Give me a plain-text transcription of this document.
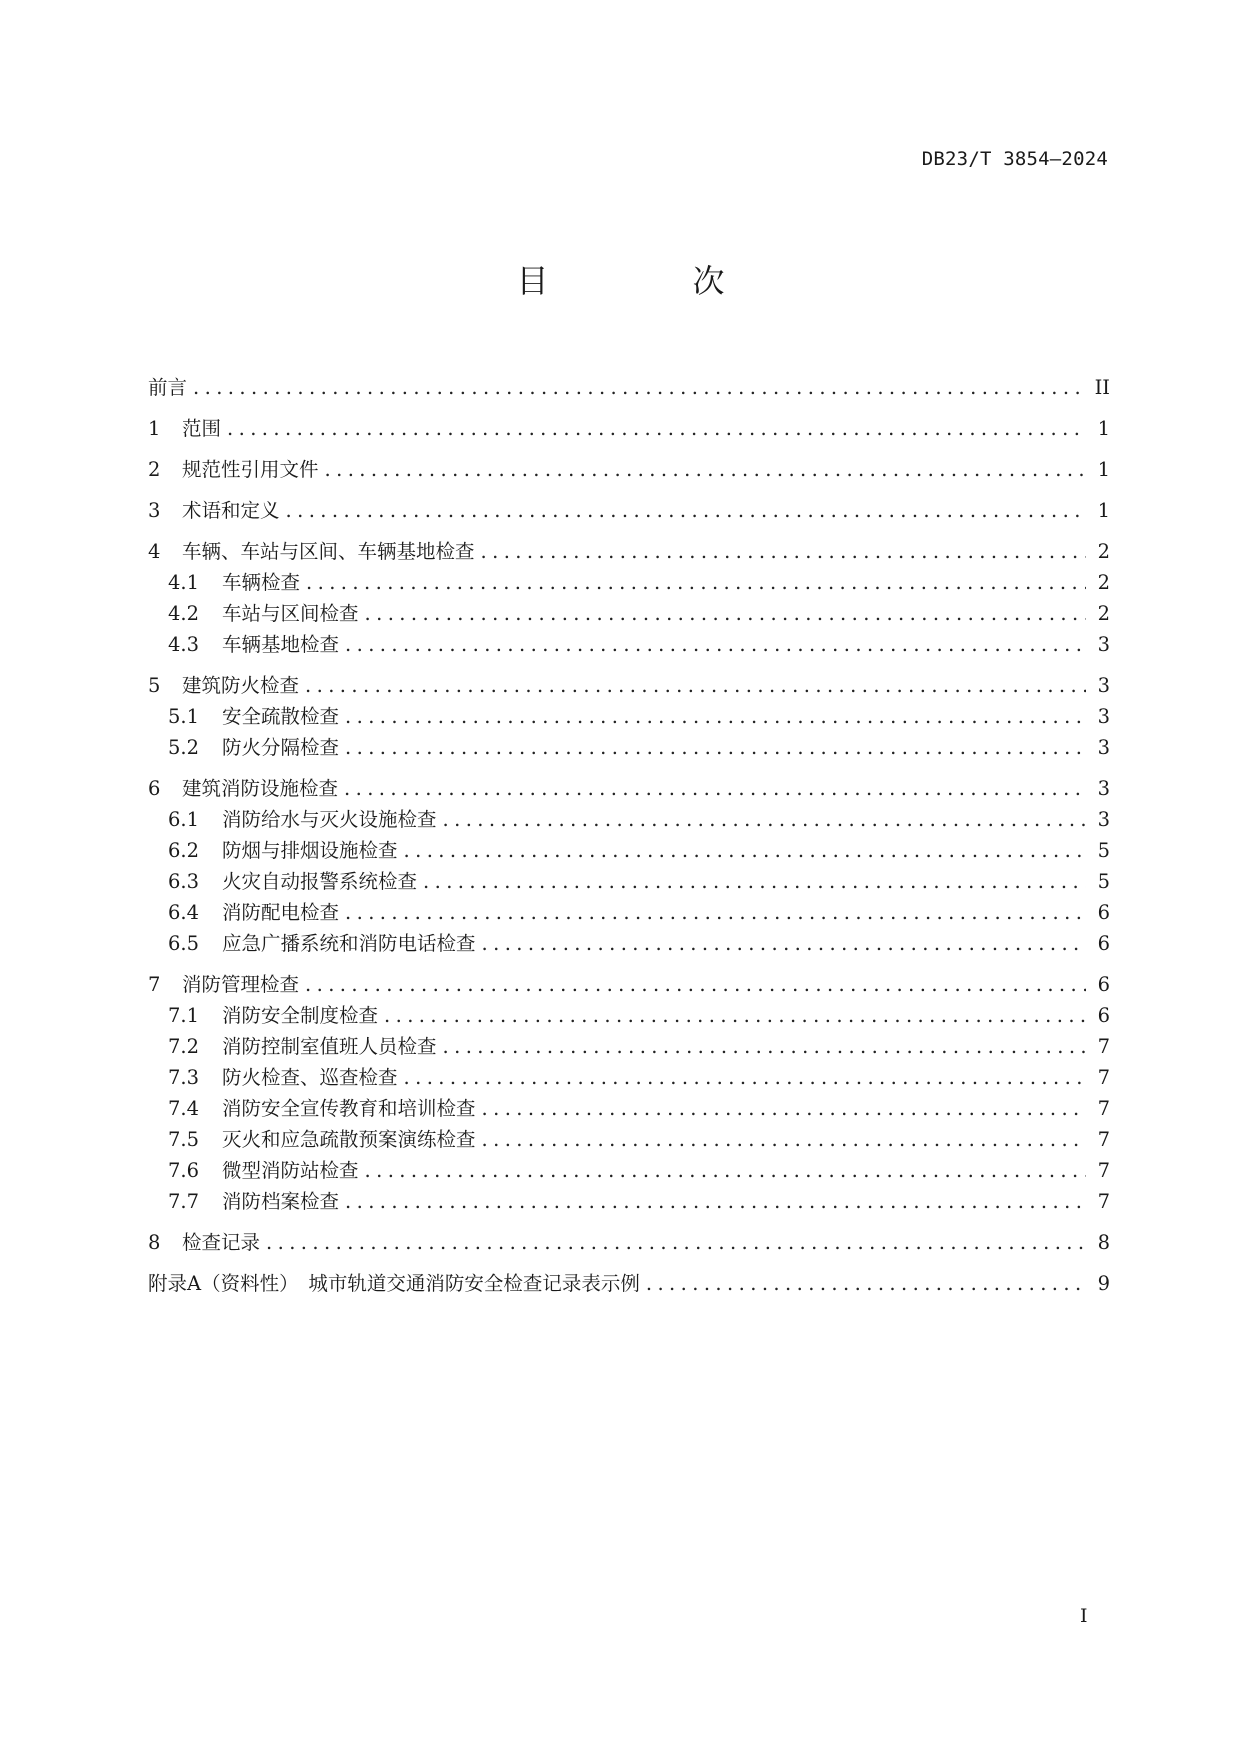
DB23/T 3854—2024
目　次
前言 .....	II
1	范围 .....	1
2	规范性引用文件 .....	1
3	术语和定义 .....	1
4	车辆、车站与区间、车辆基地检查 .....	2
4.1	车辆检查 .....	2
4.2	车站与区间检查 .....	2
4.3	车辆基地检查 .....	3
5	建筑防火检查 .....	3
5.1	安全疏散检查 .....	3
5.2	防火分隔检查 .....	3
6	建筑消防设施检查 .....	3
6.1	消防给水与灭火设施检查 .....	3
6.2	防烟与排烟设施检查 .....	5
6.3	火灾自动报警系统检查 .....	5
6.4	消防配电检查 .....	6
6.5	应急广播系统和消防电话检查 .....	6
7	消防管理检查 .....	6
7.1	消防安全制度检查 .....	6
7.2	消防控制室值班人员检查 .....	7
7.3	防火检查、巡查检查 .....	7
7.4	消防安全宣传教育和培训检查 .....	7
7.5	灭火和应急疏散预案演练检查 .....	7
7.6	微型消防站检查 .....	7
7.7	消防档案检查 .....	7
8	检查记录 .....	8
附录A（资料性）　城市轨道交通消防安全检查记录表示例 .....	9
I
